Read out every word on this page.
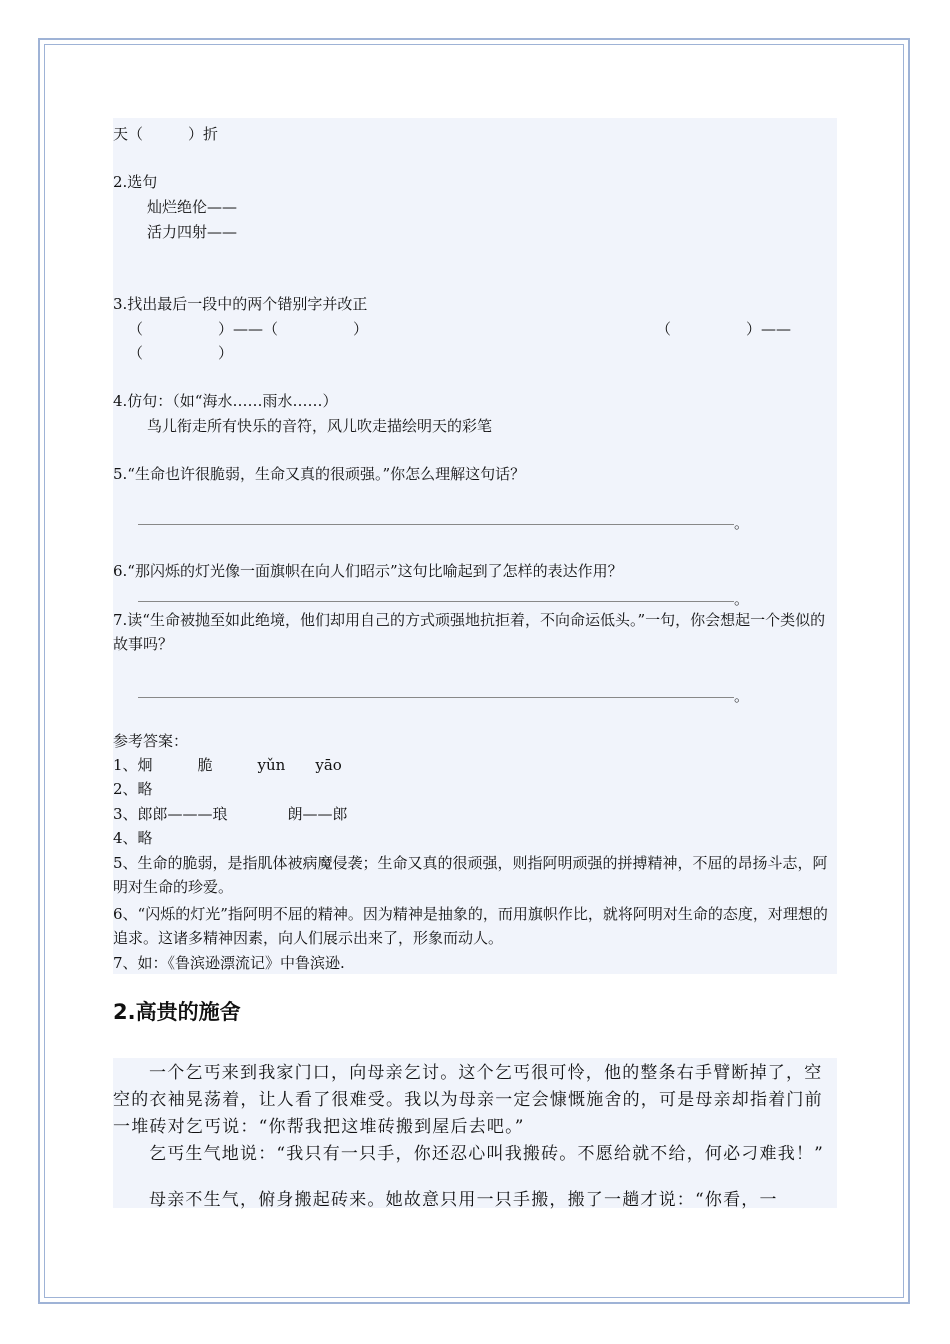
天（　　　）折
2.选句
灿烂绝伦——
活力四射——
3.找出最后一段中的两个错别字并改正
（　　　　　）——（　　　　　）	（　　　　　）——
（　　　　　）
4.仿句：（如“海水……雨水……）
鸟儿衔走所有快乐的音符，风儿吹走描绘明天的彩笔
5.“生命也许很脆弱，生命又真的很顽强。”你怎么理解这句话？
。
6.“那闪烁的灯光像一面旗帜在向人们昭示”这句比喻起到了怎样的表达作用？
。
7.读“生命被抛至如此绝境，他们却用自己的方式顽强地抗拒着，不向命运低头。”一句，你会想起一个类似的故事吗？
。
参考答案：
1、炯　　　脆　　　yǔn　　yāo
2、略
3、郎郎———琅　　　　朗——郎
4、略
5、生命的脆弱，是指肌体被病魔侵袭；生命又真的很顽强，则指阿明顽强的拼搏精神，不屈的昂扬斗志，阿明对生命的珍爱。
6、“闪烁的灯光”指阿明不屈的精神。因为精神是抽象的，而用旗帜作比，就将阿明对生命的态度，对理想的追求。这诸多精神因素，向人们展示出来了，形象而动人。
7、如：《鲁滨逊漂流记》中鲁滨逊.
2.高贵的施舍
一个乞丐来到我家门口，向母亲乞讨。这个乞丐很可怜，他的整条右手臂断掉了，空空的衣袖晃荡着，让人看了很难受。我以为母亲一定会慷慨施舍的，可是母亲却指着门前一堆砖对乞丐说：“你帮我把这堆砖搬到屋后去吧。”
乞丐生气地说：“我只有一只手，你还忍心叫我搬砖。不愿给就不给，何必刁难我！”
母亲不生气，俯身搬起砖来。她故意只用一只手搬，搬了一趟才说：“你看，一
